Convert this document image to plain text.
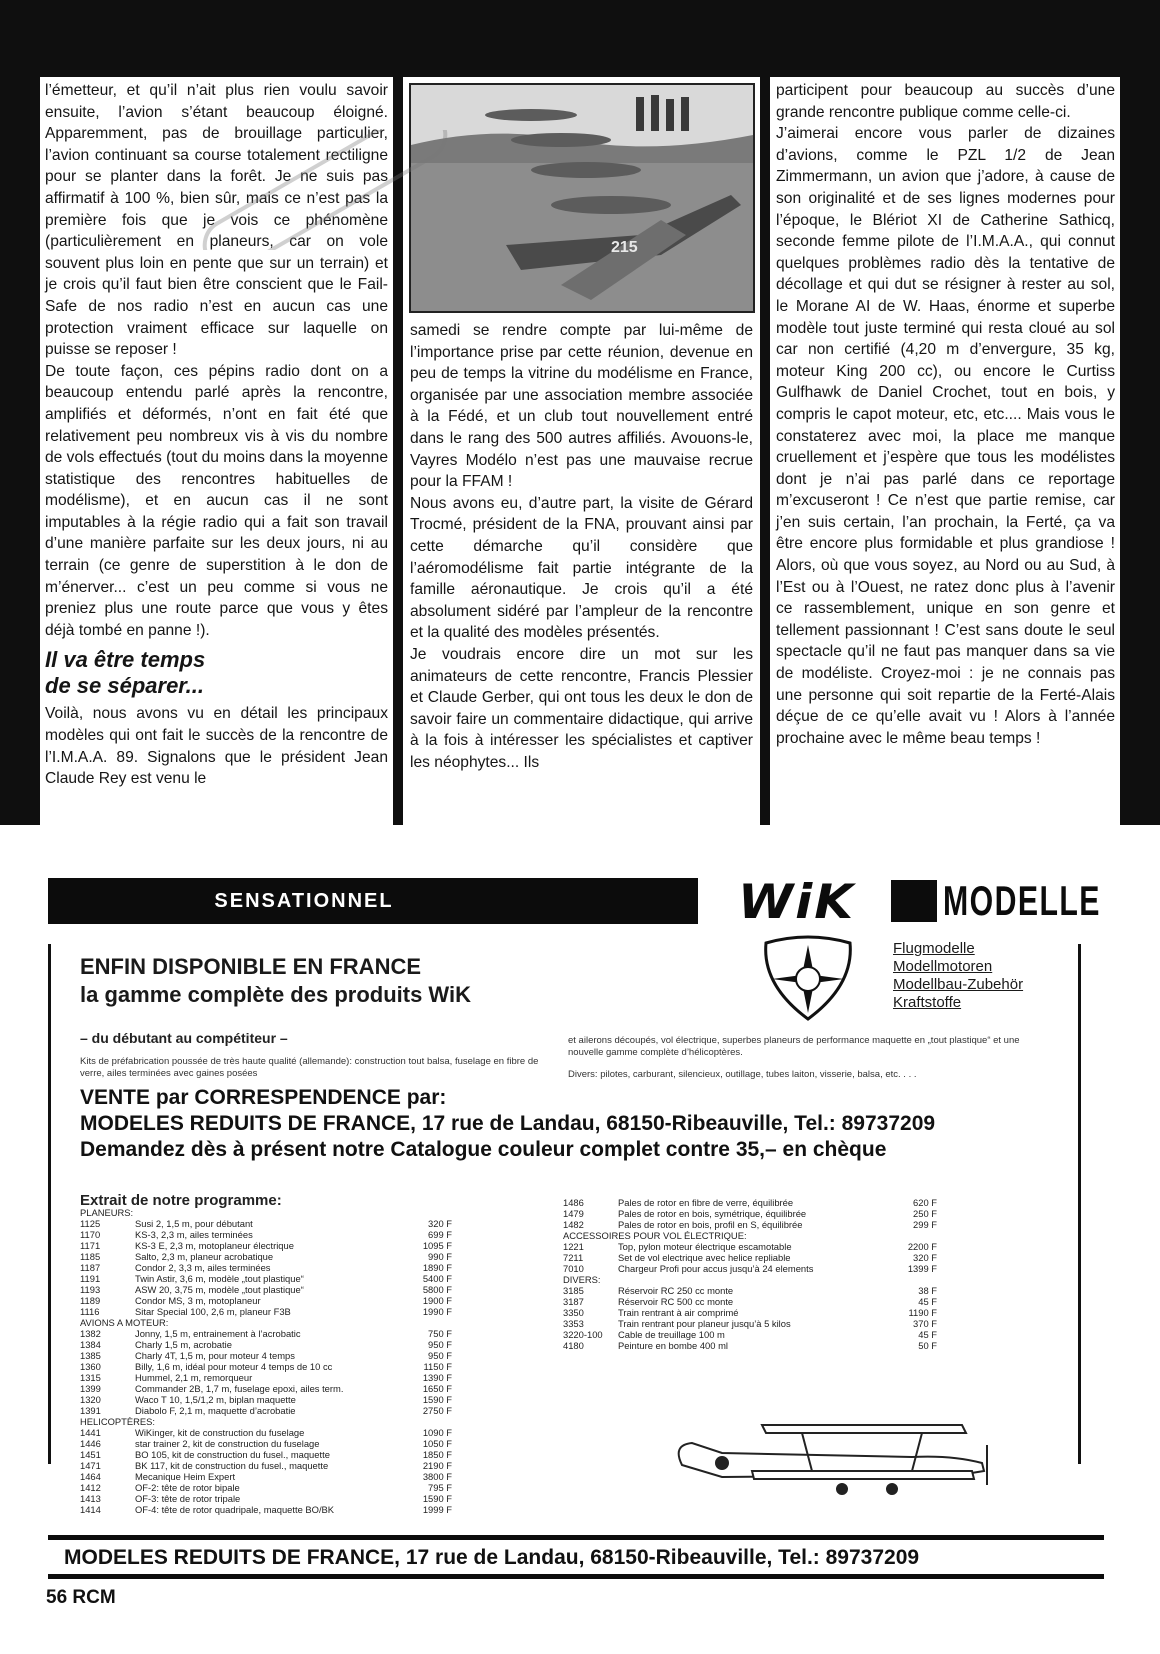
l’émetteur, et qu’il n’ait plus rien voulu savoir ensuite, l’avion s’étant beaucoup éloigné. Apparemment, pas de brouillage particulier, l’avion continuant sa course totalement rectiligne pour se planter dans la forêt. Je ne suis pas affirmatif à 100 %, bien sûr, mais ce n’est pas la première fois que je vois ce phénomène (particulièrement en planeurs, car on vole souvent plus loin en pente que sur un terrain) et je crois qu’il faut bien être conscient que le Fail-Safe de nos radio n’est en aucun cas une protection vraiment efficace sur laquelle on puisse se reposer !

De toute façon, ces pépins radio dont on a beaucoup entendu parlé après la rencontre, amplifiés et déformés, n’ont en fait été que relativement peu nombreux vis à vis du nombre de vols effectués (tout du moins dans la moyenne statistique des rencontres habituelles de modélisme), et en aucun cas il ne sont imputables à la régie radio qui a fait son travail d’une manière parfaite sur les deux jours, ni au terrain (ce genre de superstition à le don de m’énerver... c’est un peu comme si vous ne preniez plus une route parce que vous y êtes déjà tombé en panne !).

Il va être temps
de se séparer...

Voilà, nous avons vu en détail les principaux modèles qui ont fait le succès de la rencontre de l’I.M.A.A. 89. Signalons que le président Jean Claude Rey est venu le

215

samedi se rendre compte par lui-même de l’importance prise par cette réunion, devenue en peu de temps la vitrine du modélisme en France, organisée par une association membre associée à la Fédé, et un club tout nouvellement entré dans le rang des 500 autres affiliés. Avouons-le, Vayres Modélo n’est pas une mauvaise recrue pour la FFAM !

Nous avons eu, d’autre part, la visite de Gérard Trocmé, président de la FNA, prouvant ainsi par cette démarche qu’il considère que l’aéromodélisme fait partie intégrante de la famille aéronautique. Je crois qu’il a été absolument sidéré par l’ampleur de la rencontre et la qualité des modèles présentés.

Je voudrais encore dire un mot sur les animateurs de cette rencontre, Francis Plessier et Claude Gerber, qui ont tous les deux le don de savoir faire un commentaire didactique, qui arrive à la fois à intéresser les spécialistes et captiver les néophytes... Ils

participent pour beaucoup au succès d’une grande rencontre publique comme celle-ci.

J’aimerai encore vous parler de dizaines d’avions, comme le PZL 1/2 de Jean Zimmermann, un avion que j’adore, à cause de son originalité et de ses lignes modernes pour l’époque, le Blériot XI de Catherine Sathicq, seconde femme pilote de l’I.M.A.A., qui connut quelques problèmes radio dès la tentative de décollage et qui dut se résigner à rester au sol, le Morane AI de W. Haas, énorme et superbe modèle tout juste terminé qui resta cloué au sol car non certifié (4,20 m d’envergure, 35 kg, moteur King 200 cc), ou encore le Curtiss Gulfhawk de Daniel Crochet, tout en bois, y compris le capot moteur, etc, etc.... Mais vous le constaterez avec moi, la place me manque cruellement et j’espère que tous les modélistes dont je n’ai pas parlé dans ce reportage m’excuseront ! Ce n’est que partie remise, car j’en suis certain, l’an prochain, la Ferté, ça va être encore plus formidable et plus grandiose ! Alors, où que vous soyez, au Nord ou au Sud, à l’Est ou à l’Ouest, ne ratez donc plus à l’avenir ce rassemblement, unique en son genre et tellement passionnant ! C’est sans doute le seul spectacle qu’il ne faut pas manquer dans sa vie de modéliste. Croyez-moi : je ne connais pas une personne qui soit repartie de la Ferté-Alais déçue de ce qu’elle avait vu ! Alors à l’année prochaine avec le même beau temps !

SENSATIONNEL	WiK MODELLE
ENFIN DISPONIBLE EN FRANCE
la gamme complète des produits WiK
Flugmodelle
Modellmotoren
Modellbau-Zubehör
Kraftstoffe
– du débutant au compétiteur –
Kits de préfabrication poussée de très haute qualité (allemande): construction tout balsa, fuselage en fibre de verre, ailes terminées avec gaines posées
et ailerons découpés, vol électrique, superbes planeurs de performance maquette en „tout plastique“ et une nouvelle gamme complète d’hélicoptères.
Divers: pilotes, carburant, silencieux, outillage, tubes laiton, visserie, balsa, etc. . . .
VENTE par CORRESPENDENCE par:
MODELES REDUITS DE FRANCE, 17 rue de Landau, 68150-Ribeauville, Tel.: 89737209
Demandez dès à présent notre Catalogue couleur complet contre 35,– en chèque
Extrait de notre programme:
PLANEURS:		
1125	Susi 2, 1,5 m, pour débutant	320 F
1170	KS-3, 2,3 m, ailes terminées	699 F
1171	KS-3 E, 2,3 m, motoplaneur électrique	1095 F
1185	Salto, 2,3 m, planeur acrobatique	990 F
1187	Condor 2, 3,3 m, ailes terminées	1890 F
1191	Twin Astir, 3,6 m, modèle „tout plastique“	5400 F
1193	ASW 20, 3,75 m, modèle „tout plastique“	5800 F
1189	Condor MS, 3 m, motoplaneur	1900 F
1116	Sitar Special 100, 2,6 m, planeur F3B	1990 F
AVIONS A MOTEUR:		
1382	Jonny, 1,5 m, entrainement à l’acrobatic	750 F
1384	Charly 1,5 m, acrobatie	950 F
1385	Charly 4T, 1,5 m, pour moteur 4 temps	950 F
1360	Billy, 1,6 m, idéal pour moteur 4 temps de 10 cc	1150 F
1315	Hummel, 2,1 m, remorqueur	1390 F
1399	Commander 2B, 1,7 m, fuselage epoxi, ailes term.	1650 F
1320	Waco T 10, 1,5/1,2 m, biplan maquette	1590 F
1391	Diabolo F, 2,1 m, maquette d’acrobatie	2750 F
HELICOPTÈRES:		
1441	WiKinger, kit de construction du fuselage	1090 F
1446	star trainer 2, kit de construction du fuselage	1050 F
1451	BO 105, kit de construction du fusel., maquette	1850 F
1471	BK 117, kit de construction du fusel., maquette	2190 F
1464	Mecanique Heim Expert	3800 F
1412	OF-2: tête de rotor bipale	795 F
1413	OF-3: tête de rotor tripale	1590 F
1414	OF-4: tête de rotor quadripale, maquette BO/BK	1999 F
1486	Pales de rotor en fibre de verre, équilibrée	620 F
1479	Pales de rotor en bois, symétrique, équilibrée	250 F
1482	Pales de rotor en bois, profil en S, équilibrée	299 F
ACCESSOIRES POUR VOL ÉLECTRIQUE:		
1221	Top, pylon moteur électrique escamotable	2200 F
7211	Set de vol electrique avec helice repliable	320 F
7010	Chargeur Profi pour accus jusqu’à 24 elements	1399 F
DIVERS:		
3185	Réservoir RC 250 cc monte	38 F
3187	Réservoir RC 500 cc monte	45 F
3350	Train rentrant à air comprimé	1190 F
3353	Train rentrant pour planeur jusqu’à 5 kilos	370 F
3220-100	Cable de treuillage 100 m	45 F
4180	Peinture en bombe 400 ml	50 F
MODELES REDUITS DE FRANCE, 17 rue de Landau, 68150-Ribeauville, Tel.: 89737209
56 RCM
